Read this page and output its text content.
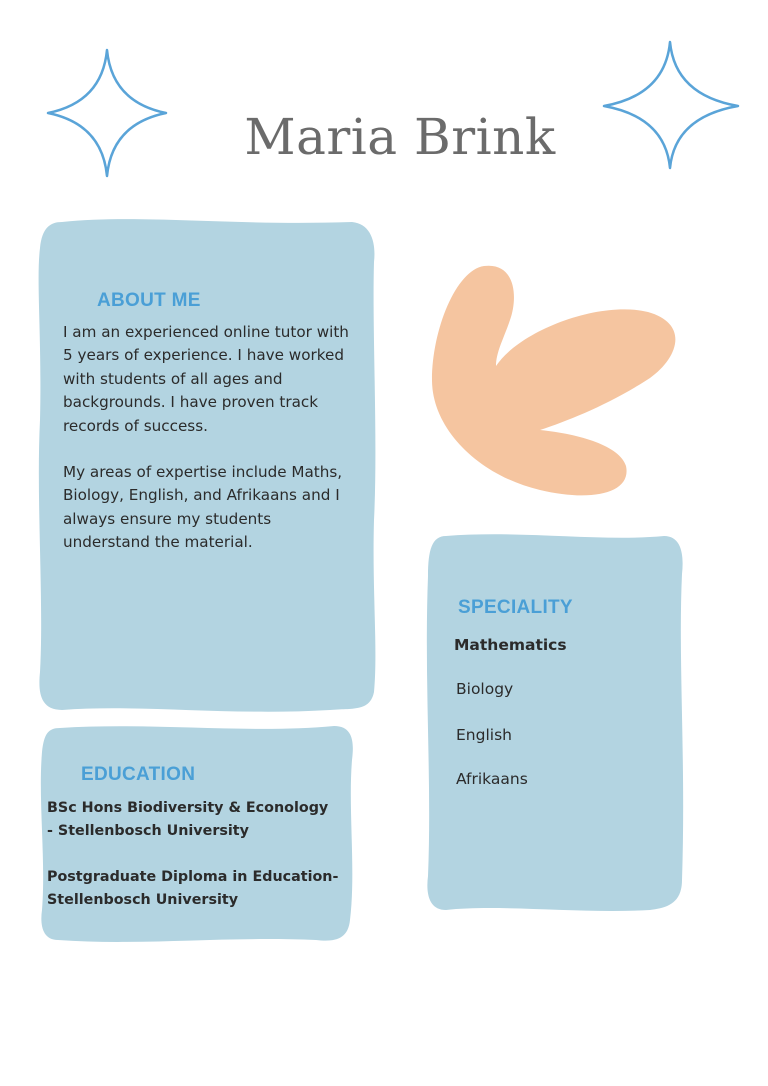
Maria Brink
ABOUT ME
I am an experienced online tutor with 5 years of experience. I have worked with students of all ages and backgrounds. I have proven track records of success.
My areas of expertise include Maths, Biology, English, and Afrikaans and I always ensure my students understand the material.
EDUCATION
BSc Hons Biodiversity & Econology - Stellenbosch University
Postgraduate Diploma in Education- Stellenbosch University
SPECIALITY
Mathematics
Biology
English
Afrikaans
